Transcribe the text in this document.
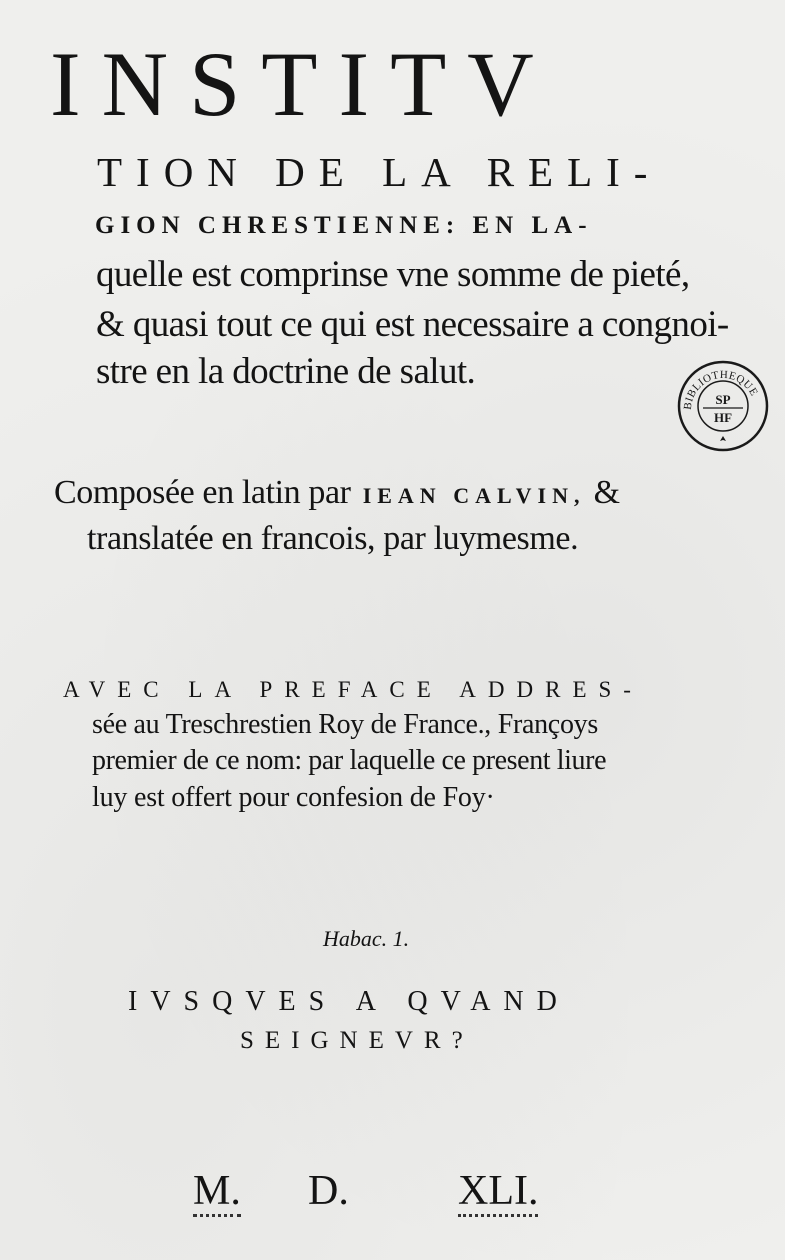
INSTITV
TION DE LA RELI-
GION CHRESTIENNE: EN LA-
quelle est comprinse vne somme de pieté,
& quasi tout ce qui est necessaire a congnoi-
stre en la doctrine de salut.
Composée en latin par IEAN CALVIN, &
translatée en francois, par luymesme.
AVEC LA PREFACE ADDRES-
sée au Treschrestien Roy de France., Françoys
premier de ce nom: par laquelle ce present liure
luy est offert pour confesion de Foy·
Habac. 1.
IVSQVES A QVAND
SEIGNEVR?
M. D.	XLI.
BIBLIOTHEQUE
SP
HF
